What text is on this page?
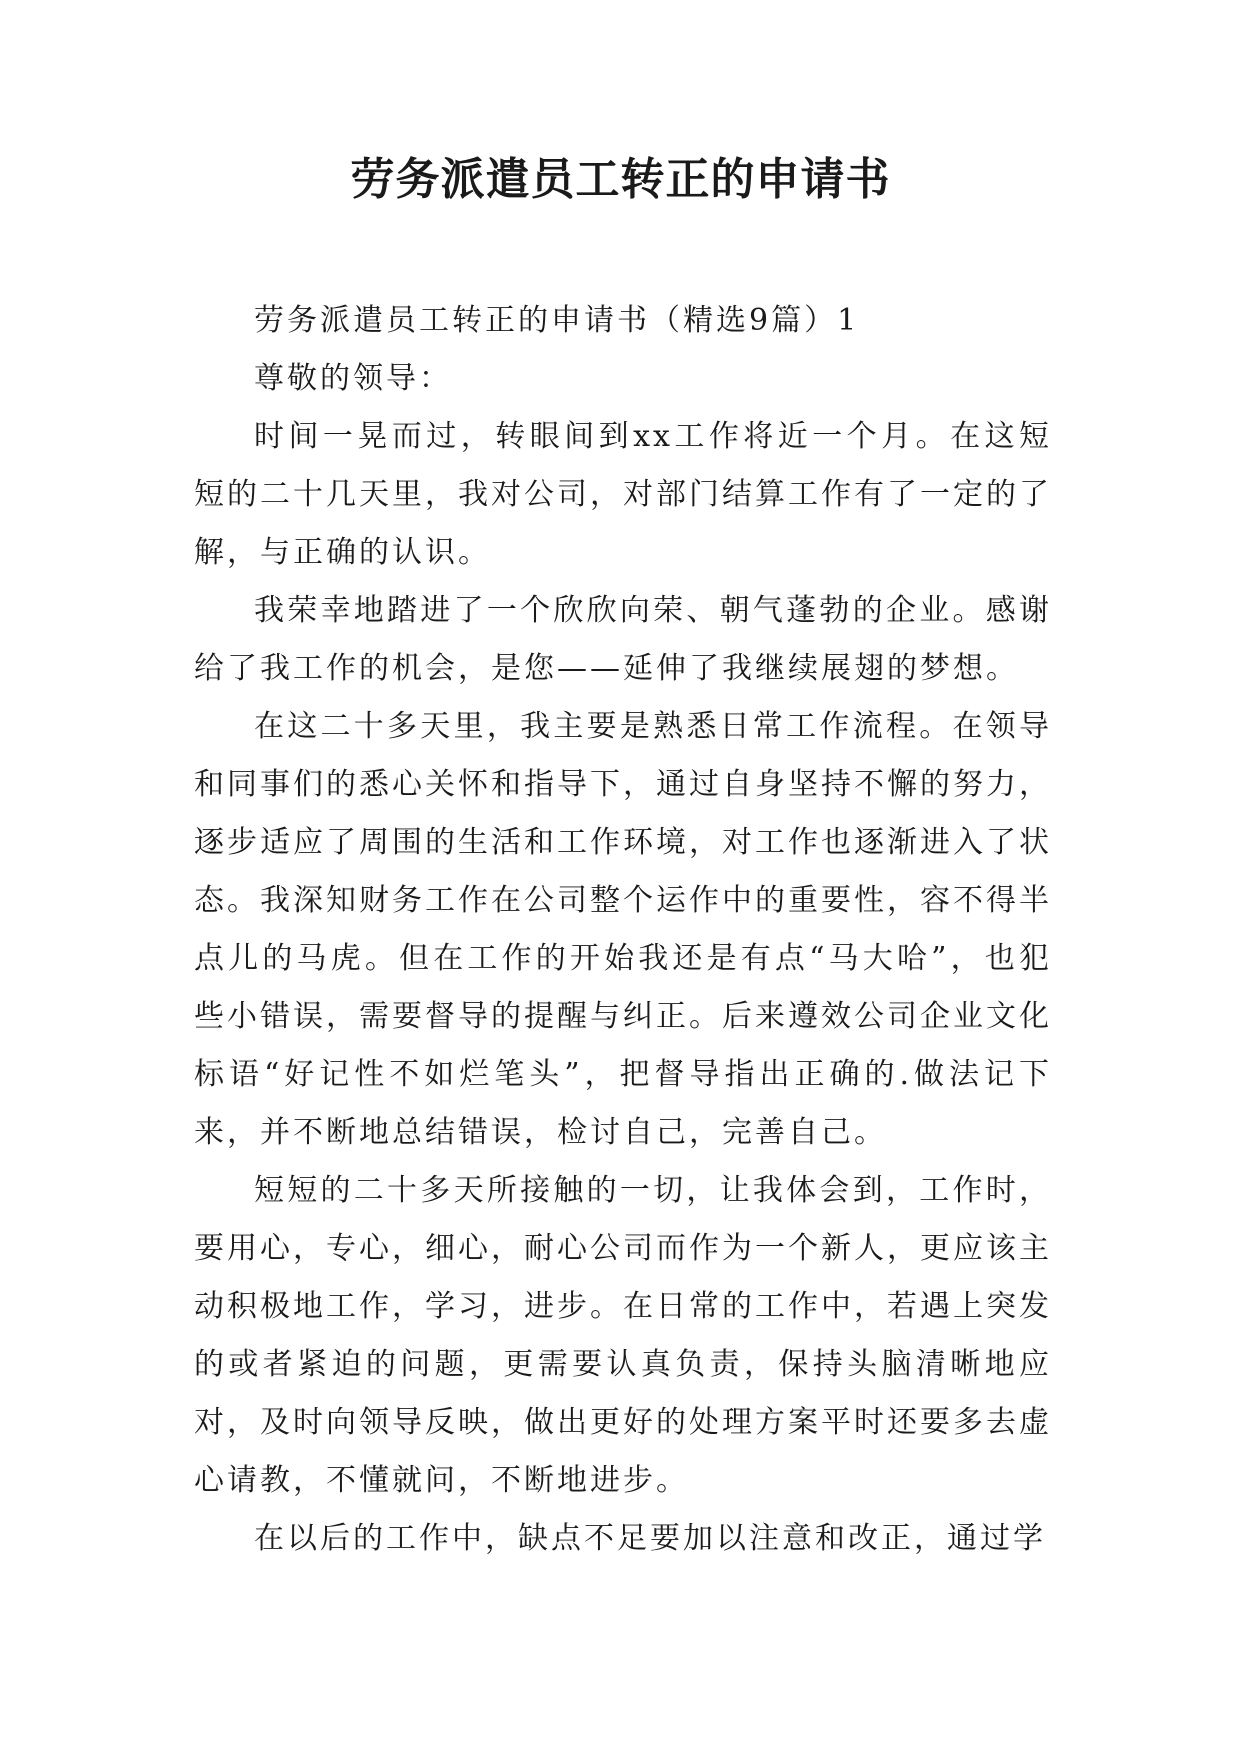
劳务派遣员工转正的申请书

劳务派遣员工转正的申请书（精选9篇）1

尊敬的领导：

时间一晃而过，转眼间到xx工作将近一个月。在这短短的二十几天里，我对公司，对部门结算工作有了一定的了解，与正确的认识。

我荣幸地踏进了一个欣欣向荣、朝气蓬勃的企业。感谢给了我工作的机会，是您——延伸了我继续展翅的梦想。

在这二十多天里，我主要是熟悉日常工作流程。在领导和同事们的悉心关怀和指导下，通过自身坚持不懈的努力，逐步适应了周围的生活和工作环境，对工作也逐渐进入了状态。我深知财务工作在公司整个运作中的重要性，容不得半点儿的马虎。但在工作的开始我还是有点“马大哈”，也犯些小错误，需要督导的提醒与纠正。后来遵效公司企业文化标语“好记性不如烂笔头”，把督导指出正确的.做法记下来，并不断地总结错误，检讨自己，完善自己。

短短的二十多天所接触的一切，让我体会到，工作时，要用心，专心，细心，耐心公司而作为一个新人，更应该主动积极地工作，学习，进步。在日常的工作中，若遇上突发的或者紧迫的问题，更需要认真负责，保持头脑清晰地应对，及时向领导反映，做出更好的处理方案平时还要多去虚心请教，不懂就问，不断地进步。

在以后的工作中，缺点不足要加以注意和改正，通过学
